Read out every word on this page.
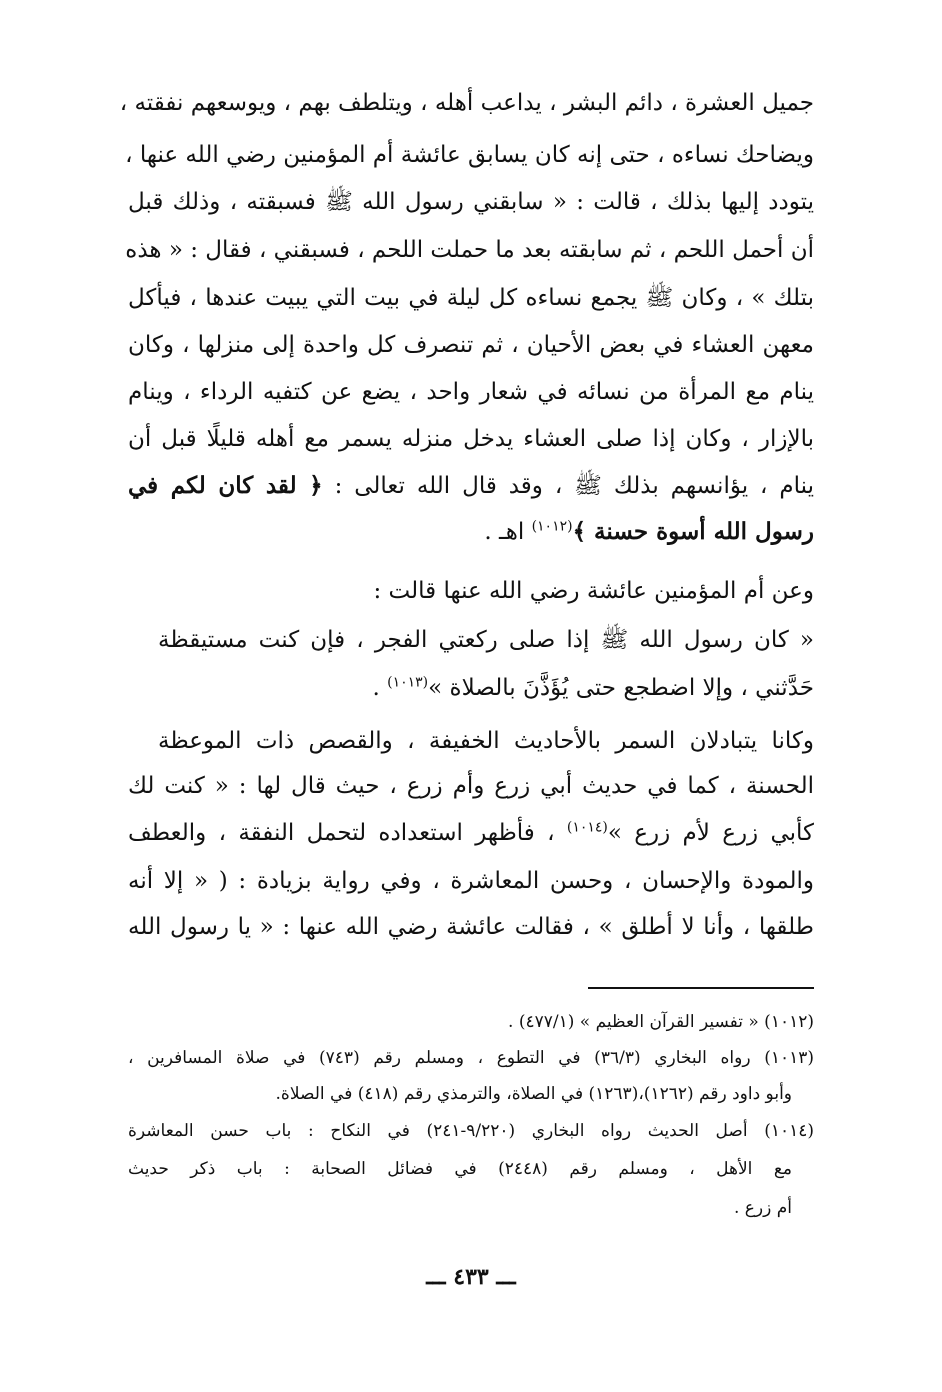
جميل العشرة ، دائم البشر ، يداعب أهله ، ويتلطف بهم ، ويوسعهم نفقته ،
ويضاحك نساءه ، حتى إنه كان يسابق عائشة أم المؤمنين رضي الله عنها ،
يتودد إليها بذلك ، قالت : « سابقني رسول الله ﷺ فسبقته ، وذلك قبل
أن أحمل اللحم ، ثم سابقته بعد ما حملت اللحم ، فسبقني ، فقال : « هذه
بتلك » ، وكان ﷺ يجمع نساءه كل ليلة في بيت التي يبيت عندها ، فيأكل
معهن العشاء في بعض الأحيان ، ثم تنصرف كل واحدة إلى منزلها ، وكان
ينام مع المرأة من نسائه في شعار واحد ، يضع عن كتفيه الرداء ، وينام
بالإزار ، وكان إذا صلى العشاء يدخل منزله يسمر مع أهله قليلًا قبل أن
ينام ، يؤانسهم بذلك ﷺ ، وقد قال الله تعالى : ﴿ لقد كان لكم في
رسول الله أسوة حسنة ﴾$^{(١٠١٢)}$ اهـ .
وعن أم المؤمنين عائشة رضي الله عنها قالت :
« كان رسول الله ﷺ إذا صلى ركعتي الفجر ، فإن كنت مستيقظة
حَدَّثني ، وإلا اضطجع حتى يُؤَذَّنَ بالصلاة »$^{(١٠١٣)}$ .
وكانا يتبادلان السمر بالأحاديث الخفيفة ، والقصص ذات الموعظة
الحسنة ، كما في حديث أبي زرع وأم زرع ، حيث قال لها : « كنت لك
كأبي زرع لأم زرع »$^{(١٠١٤)}$ ، فأظهر استعداده لتحمل النفقة ، والعطف
والمودة والإحسان ، وحسن المعاشرة ، وفي رواية بزيادة : ( « إلا أنه
طلقها ، وأنا لا أطلق » ، فقالت عائشة رضي الله عنها : « يا رسول الله
(١٠١٢) « تفسير القرآن العظيم » (٤٧٧/١) .
(١٠١٣) رواه البخاري (٣٦/٣) في التطوع ، ومسلم رقم (٧٤٣) في صلاة المسافرين ،
وأبو داود رقم (١٢٦٢)،(١٢٦٣) في الصلاة، والترمذي رقم (٤١٨) في الصلاة.
(١٠١٤) أصل الحديث رواه البخاري (٩/٢٢٠-٢٤١) في النكاح : باب حسن المعاشرة
مع الأهل ، ومسلم رقم (٢٤٤٨) في فضائل الصحابة : باب ذكر حديث
أم زرع .
ـــ ٤٣٣ ـــ
